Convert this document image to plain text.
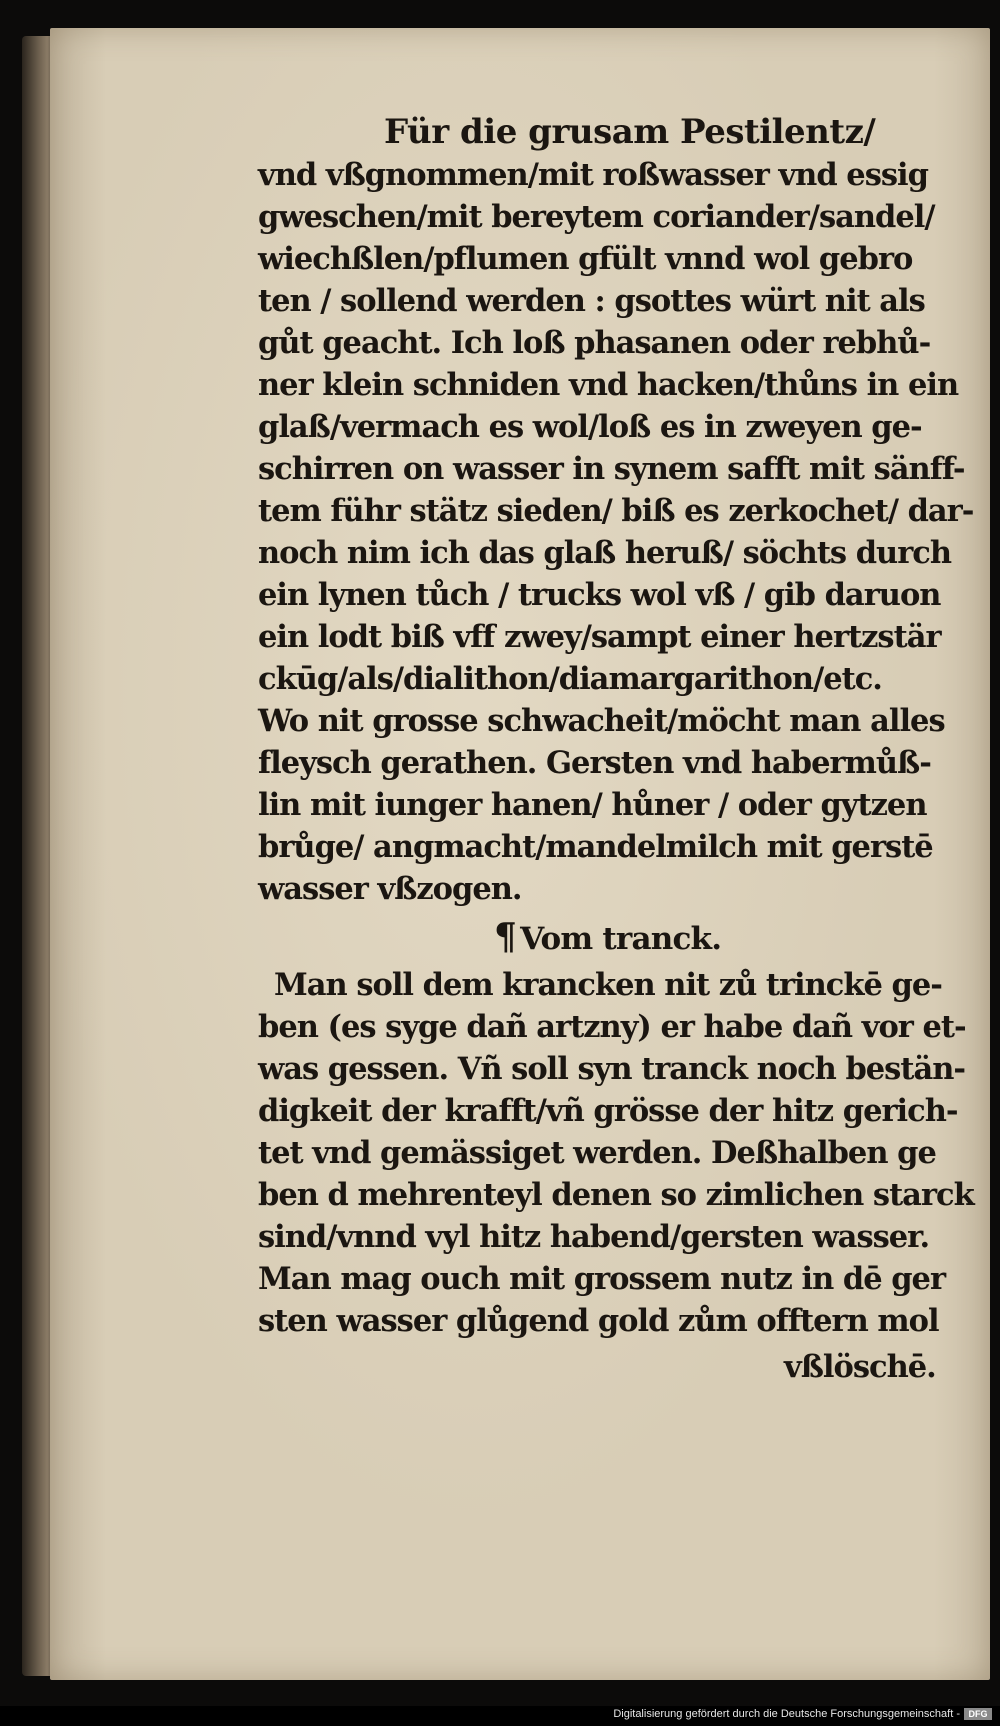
Für die grusam Pestilentz/
vnd vßgnommen/mit roßwasser vnd essig
gweschen/mit bereytem coriander/sandel/
wiechßlen/pflumen gfült vnnd wol gebro
ten / sollend werden : gsottes würt nit als
gůt geacht. Ich loß phasanen oder rebhů-
ner klein schniden vnd hacken/thůns in ein
glaß/vermach es wol/loß es in zweyen ge-
schirren on wasser in synem safft mit sänff-
tem führ stätz sieden/ biß es zerkochet/ dar-
noch nim ich das glaß heruß/ söchts durch
ein lynen tůch / trucks wol vß / gib daruon
ein lodt biß vff zwey/sampt einer hertzstär
ckūg/als/dialithon/diamargarithon/etc.
Wo nit grosse schwacheit/möcht man alles
fleysch gerathen. Gersten vnd habermůß-
lin mit iunger hanen/ hůner / oder gytzen
brůge/ angmacht/mandelmilch mit gerstē
wasser vßzogen.
¶ Vom tranck.
Man soll dem krancken nit zů trinckē ge-
ben (es syge dañ artzny) er habe dañ vor et-
was gessen. Vñ soll syn tranck noch bestän-
digkeit der krafft/vñ grösse der hitz gerich-
tet vnd gemässiget werden. Deßhalben ge
ben d mehrenteyl denen so zimlichen starck
sind/vnnd vyl hitz habend/gersten wasser.
Man mag ouch mit grossem nutz in dē ger
sten wasser glůgend gold zům offtern mol
vßlöschē.
Digitalisierung gefördert durch die Deutsche Forschungsgemeinschaft - DFG
